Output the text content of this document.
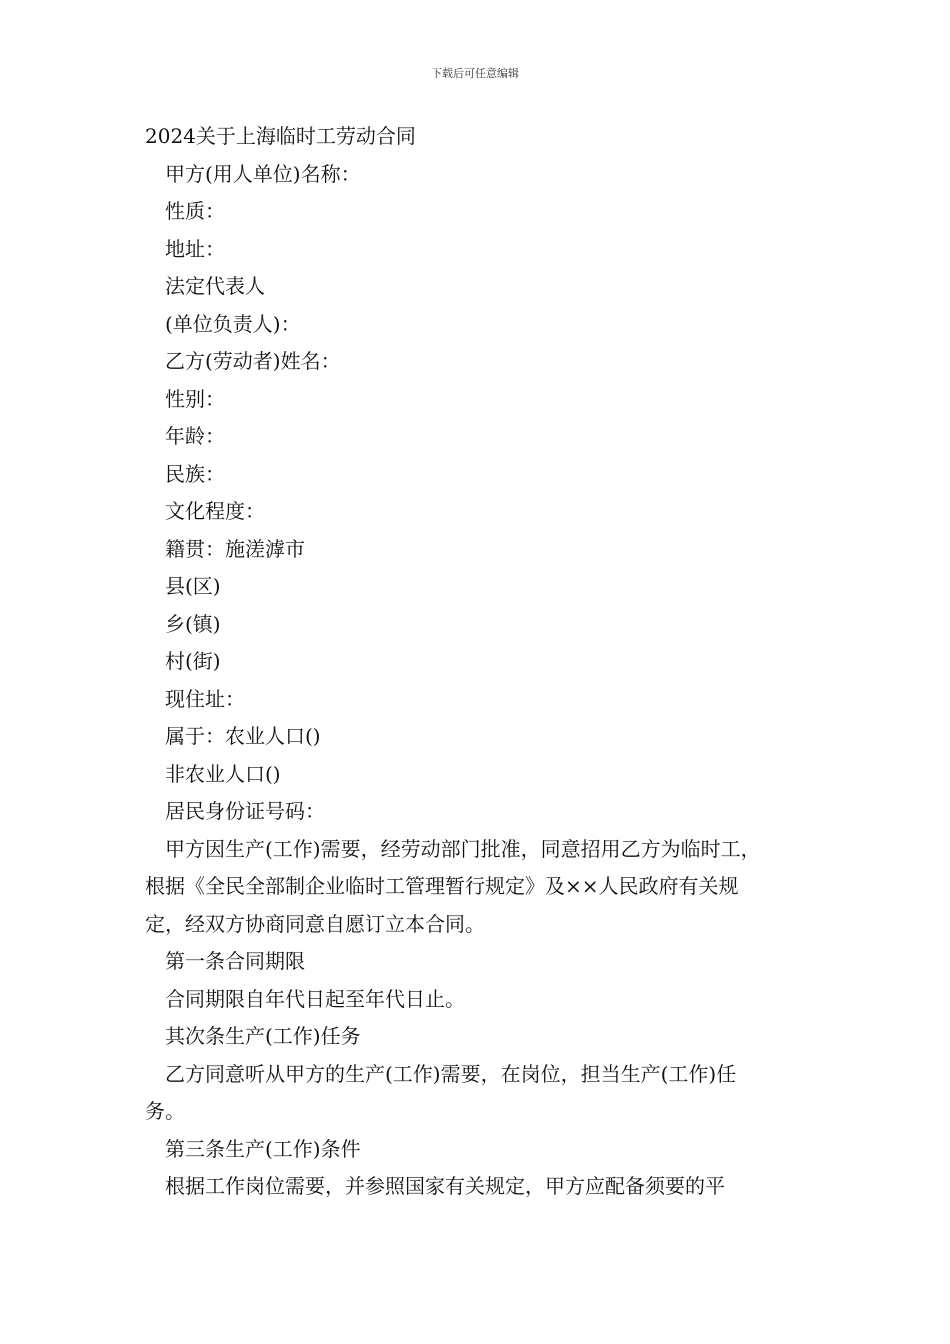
下载后可任意编辑
2024关于上海临时工劳动合同
甲方(用人单位)名称：
性质：
地址：
法定代表人
(单位负责人)：
乙方(劳动者)姓名：
性别：
年龄：
民族：
文化程度：
籍贯：施溠滹市
县(区)
乡(镇)
村(街)
现住址：
属于：农业人口()
非农业人口()
居民身份证号码：
甲方因生产(工作)需要，经劳动部门批准，同意招用乙方为临时工，
根据《全民全部制企业临时工管理暂行规定》及××人民政府有关规
定，经双方协商同意自愿订立本合同。
第一条合同期限
合同期限自年代日起至年代日止。
其次条生产(工作)任务
乙方同意听从甲方的生产(工作)需要，在岗位，担当生产(工作)任
务。
第三条生产(工作)条件
根据工作岗位需要，并参照国家有关规定，甲方应配备须要的平
